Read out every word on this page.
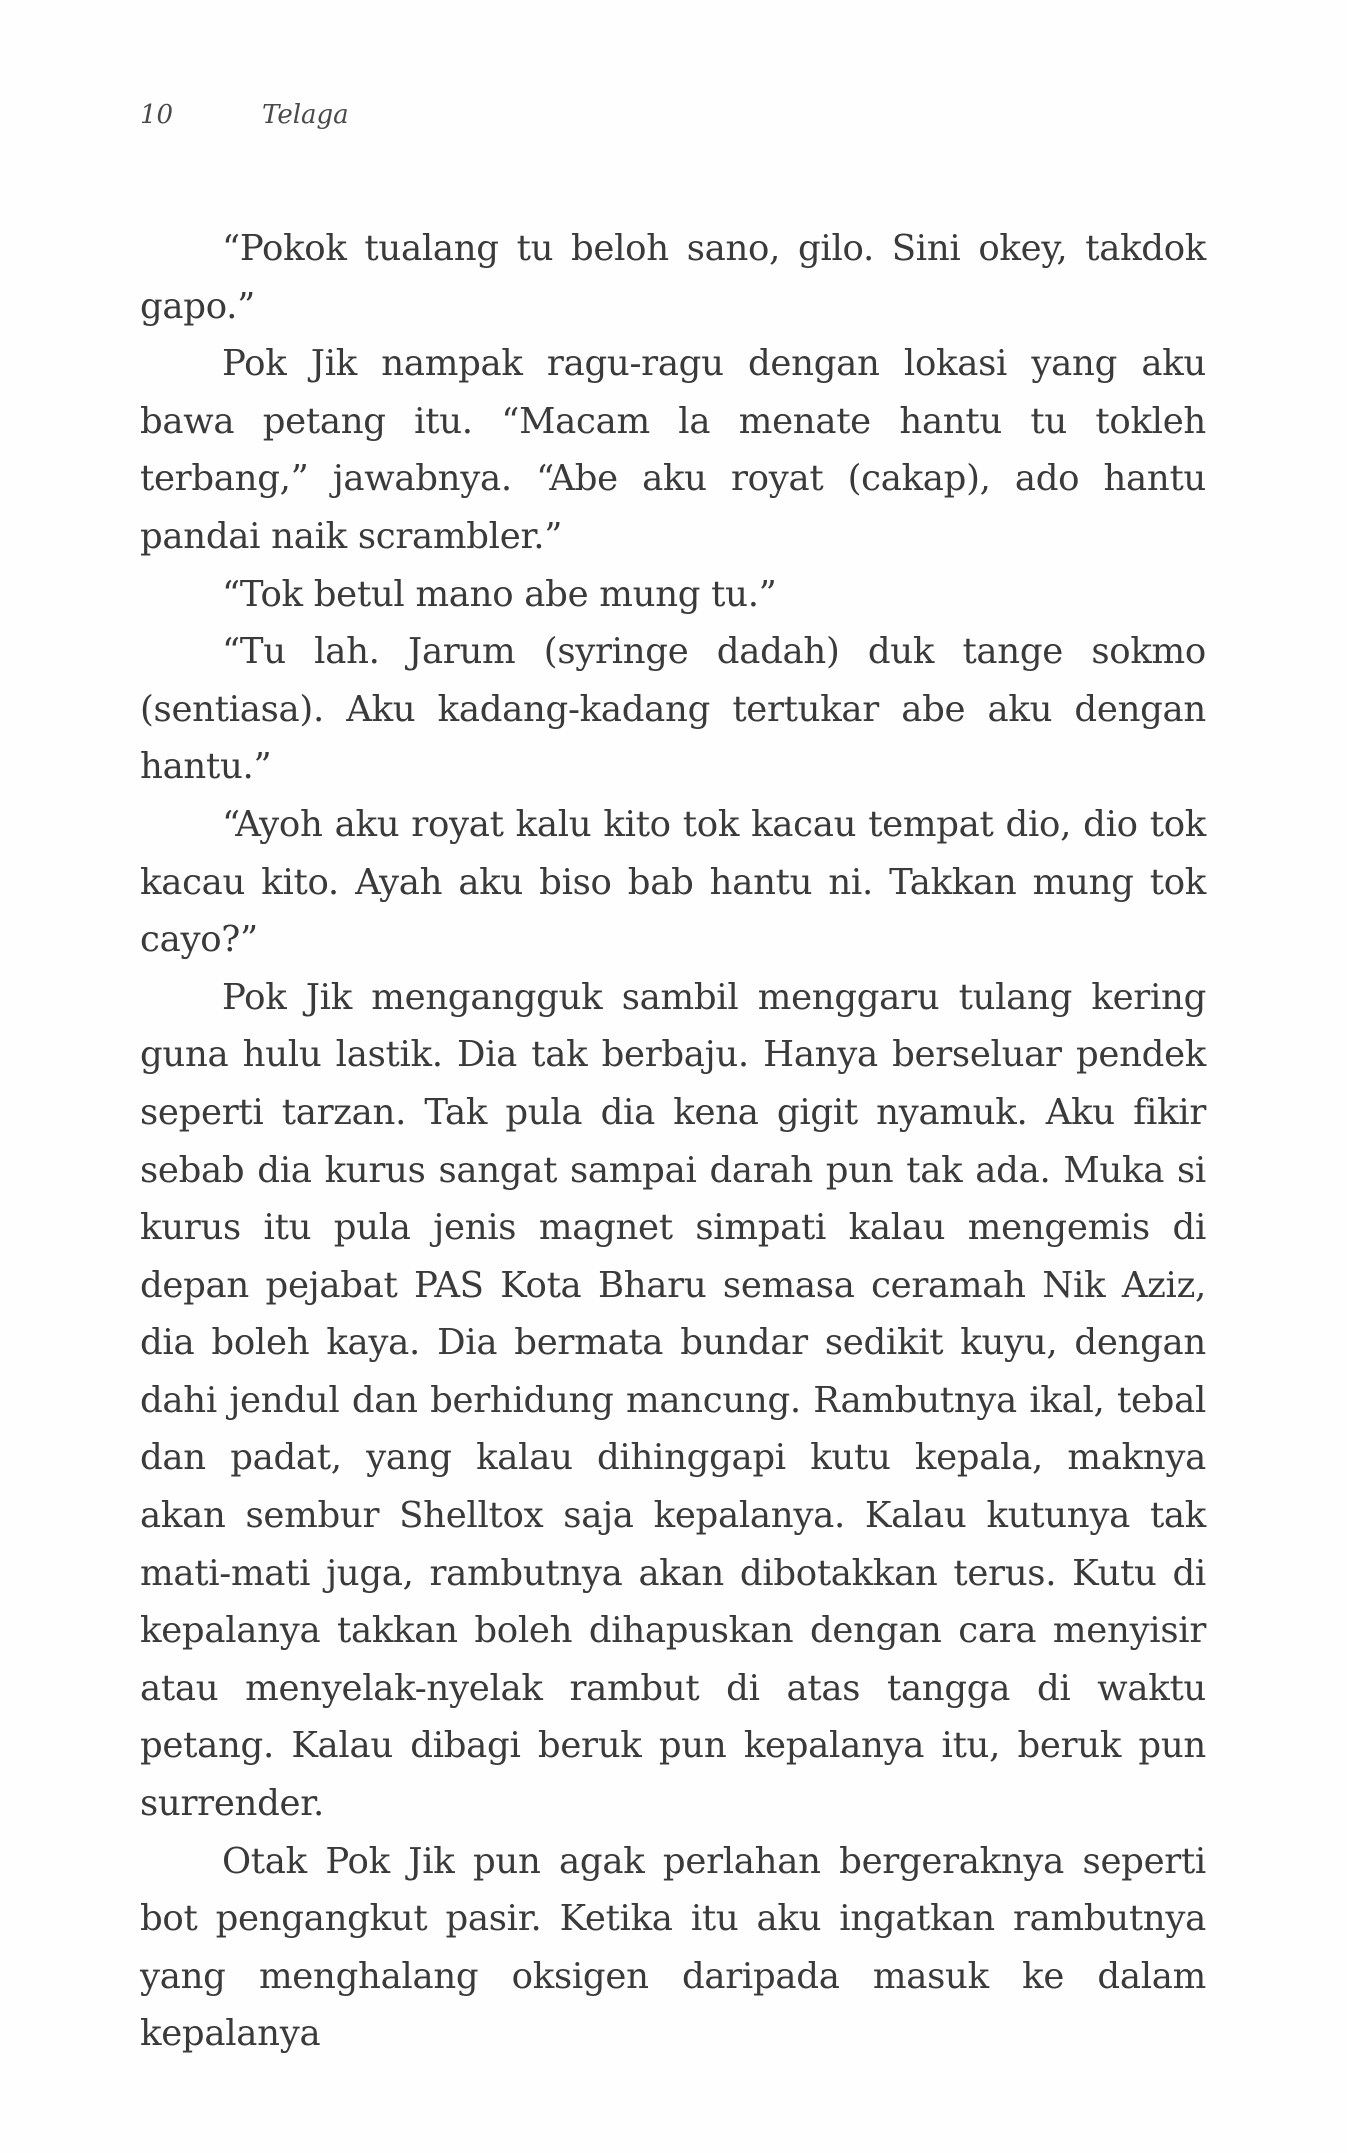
10	Telaga

“Pokok tualang tu beloh sano, gilo. Sini okey, takdok gapo.”

Pok Jik nampak ragu-ragu dengan lokasi yang aku bawa petang itu. “Macam la menate hantu tu tokleh terbang,” jawabnya. “Abe aku royat (cakap), ado hantu pandai naik scrambler.”

“Tok betul mano abe mung tu.”

“Tu lah. Jarum (syringe dadah) duk tange sokmo (sentiasa). Aku kadang-kadang tertukar abe aku dengan hantu.”

“Ayoh aku royat kalu kito tok kacau tempat dio, dio tok kacau kito. Ayah aku biso bab hantu ni. Takkan mung tok cayo?”

Pok Jik mengangguk sambil menggaru tulang kering guna hulu lastik. Dia tak berbaju. Hanya berseluar pendek seperti tarzan. Tak pula dia kena gigit nyamuk. Aku fikir sebab dia kurus sangat sampai darah pun tak ada. Muka si kurus itu pula jenis magnet simpati kalau mengemis di depan pejabat PAS Kota Bharu semasa ceramah Nik Aziz, dia boleh kaya. Dia bermata bundar sedikit kuyu, dengan dahi jendul dan berhidung mancung. Rambutnya ikal, tebal dan padat, yang kalau dihinggapi kutu kepala, maknya akan sembur Shelltox saja kepalanya. Kalau kutunya tak mati-mati juga, rambutnya akan dibotakkan terus. Kutu di kepalanya takkan boleh dihapuskan dengan cara menyisir atau menyelak-nyelak rambut di atas tangga di waktu petang. Kalau dibagi beruk pun kepalanya itu, beruk pun surrender.

Otak Pok Jik pun agak perlahan bergeraknya seperti bot pengangkut pasir. Ketika itu aku ingatkan rambutnya yang menghalang oksigen daripada masuk ke dalam kepalanya
